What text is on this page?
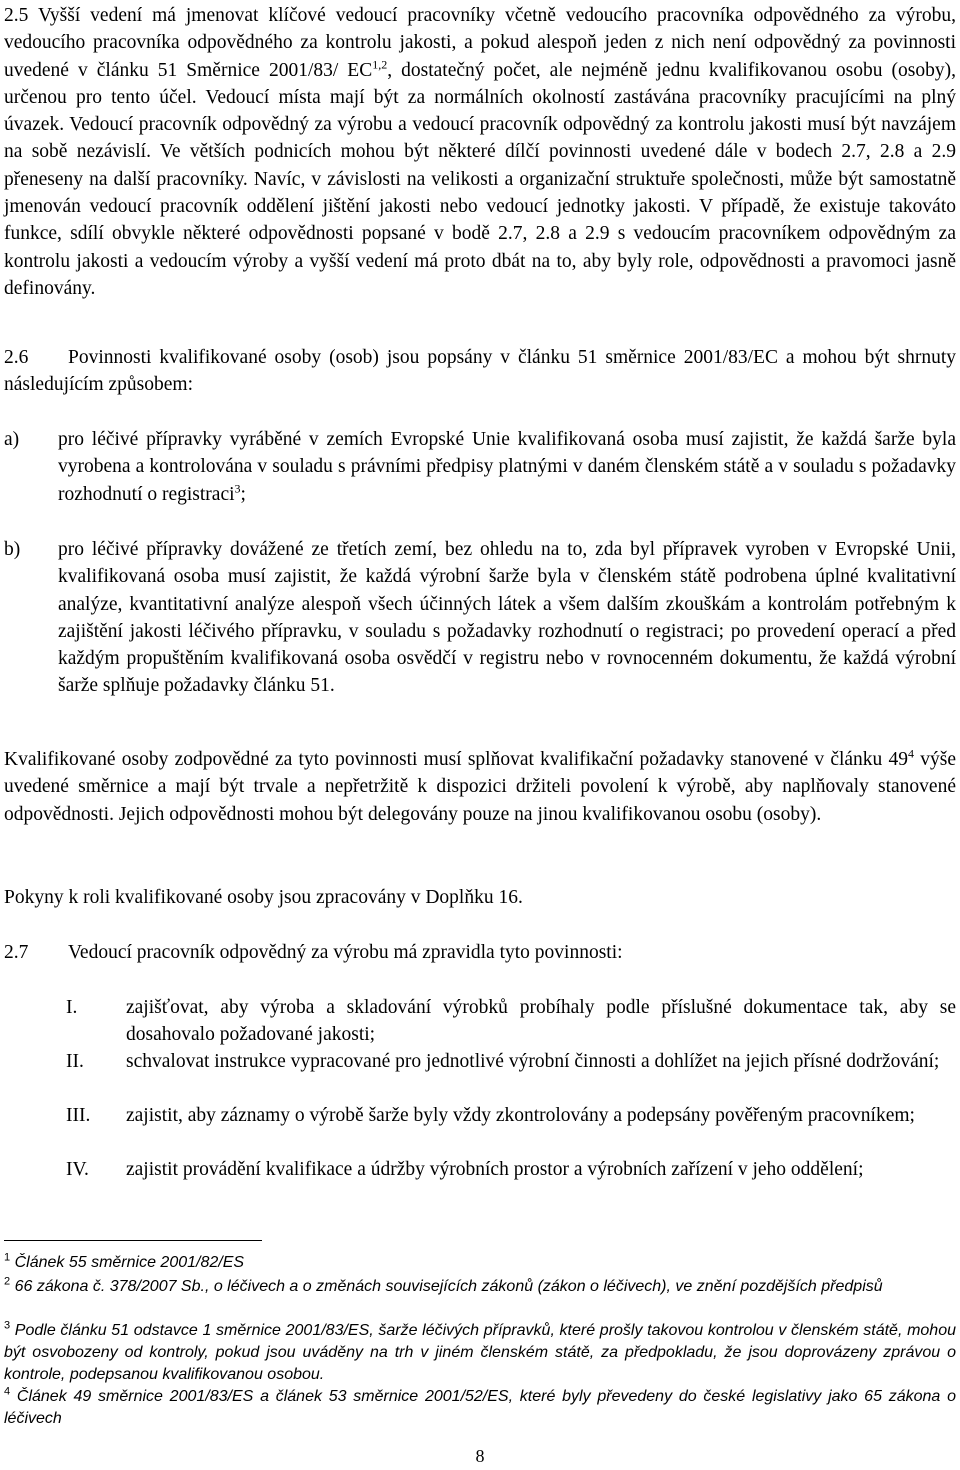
2.5 Vyšší vedení má jmenovat klíčové vedoucí pracovníky včetně vedoucího pracovníka odpovědného za výrobu, vedoucího pracovníka odpovědného za kontrolu jakosti, a pokud alespoň jeden z nich není odpovědný za povinnosti uvedené v článku 51 Směrnice 2001/83/ EC$^{1,2}$, dostatečný počet, ale nejméně jednu kvalifikovanou osobu (osoby), určenou pro tento účel. Vedoucí místa mají být za normálních okolností zastávána pracovníky pracujícími na plný úvazek. Vedoucí pracovník odpovědný za výrobu a vedoucí pracovník odpovědný za kontrolu jakosti musí být navzájem na sobě nezávislí. Ve větších podnicích mohou být některé dílčí povinnosti uvedené dále v bodech 2.7, 2.8 a 2.9 přeneseny na další pracovníky. Navíc, v závislosti na velikosti a organizační struktuře společnosti, může být samostatně jmenován vedoucí pracovník oddělení jištění jakosti nebo vedoucí jednotky jakosti. V případě, že existuje takováto funkce, sdílí obvykle některé odpovědnosti popsané v bodě 2.7, 2.8 a 2.9 s vedoucím pracovníkem odpovědným za kontrolu jakosti a vedoucím výroby a vyšší vedení má proto dbát na to, aby byly role, odpovědnosti a pravomoci jasně definovány.

2.6 Povinnosti kvalifikované osoby (osob) jsou popsány v článku 51 směrnice 2001/83/EC a mohou být shrnuty následujícím způsobem:

a) pro léčivé přípravky vyráběné v zemích Evropské Unie kvalifikovaná osoba musí zajistit, že každá šarže byla vyrobena a kontrolována v souladu s právními předpisy platnými v daném členském státě a v souladu s požadavky rozhodnutí o registraci$^3$;
b) pro léčivé přípravky dovážené ze třetích zemí, bez ohledu na to, zda byl přípravek vyroben v Evropské Unii, kvalifikovaná osoba musí zajistit, že každá výrobní šarže byla v členském státě podrobena úplné kvalitativní analýze, kvantitativní analýze alespoň všech účinných látek a všem dalším zkouškám a kontrolám potřebným k zajištění jakosti léčivého přípravku, v souladu s požadavky rozhodnutí o registraci; po provedení operací a před každým propuštěním kvalifikovaná osoba osvědčí v registru nebo v rovnocenném dokumentu, že každá výrobní šarže splňuje požadavky článku 51.

Kvalifikované osoby zodpovědné za tyto povinnosti musí splňovat kvalifikační požadavky stanovené v článku $49^4$ výše uvedené směrnice a mají být trvale a nepřetržitě k dispozici držiteli povolení k výrobě, aby naplňovaly stanovené odpovědnosti. Jejich odpovědnosti mohou být delegovány pouze na jinou kvalifikovanou osobu (osoby).

Pokyny k roli kvalifikované osoby jsou zpracovány v Doplňku 16.

2.7 Vedoucí pracovník odpovědný za výrobu má zpravidla tyto povinnosti:

I. zajišťovat, aby výroba a skladování výrobků probíhaly podle příslušné dokumentace tak, aby se dosahovalo požadované jakosti;
II. schvalovat instrukce vypracované pro jednotlivé výrobní činnosti a dohlížet na jejich přísné dodržování;
III. zajistit, aby záznamy o výrobě šarže byly vždy zkontrolovány a podepsány pověřeným pracovníkem;
IV. zajistit provádění kvalifikace a údržby výrobních prostor a výrobních zařízení v jeho oddělení;
$^1$ Článek 55 směrnice 2001/82/ES
$^2$ 66 zákona č. 378/2007 Sb., o léčivech a o změnách souvisejících zákonů (zákon o léčivech), ve znění pozdějších předpisů
$^3$ Podle článku 51 odstavce 1 směrnice 2001/83/ES, šarže léčivých přípravků, které prošly takovou kontrolou v členském státě, mohou být osvobozeny od kontroly, pokud jsou uváděny na trh v jiném členském státě, za předpokladu, že jsou doprovázeny zprávou o kontrole, podepsanou kvalifikovanou osobou.
$^4$ Článek 49 směrnice 2001/83/ES a článek 53 směrnice 2001/52/ES, které byly převedeny do české legislativy jako 65 zákona o léčivech
8
